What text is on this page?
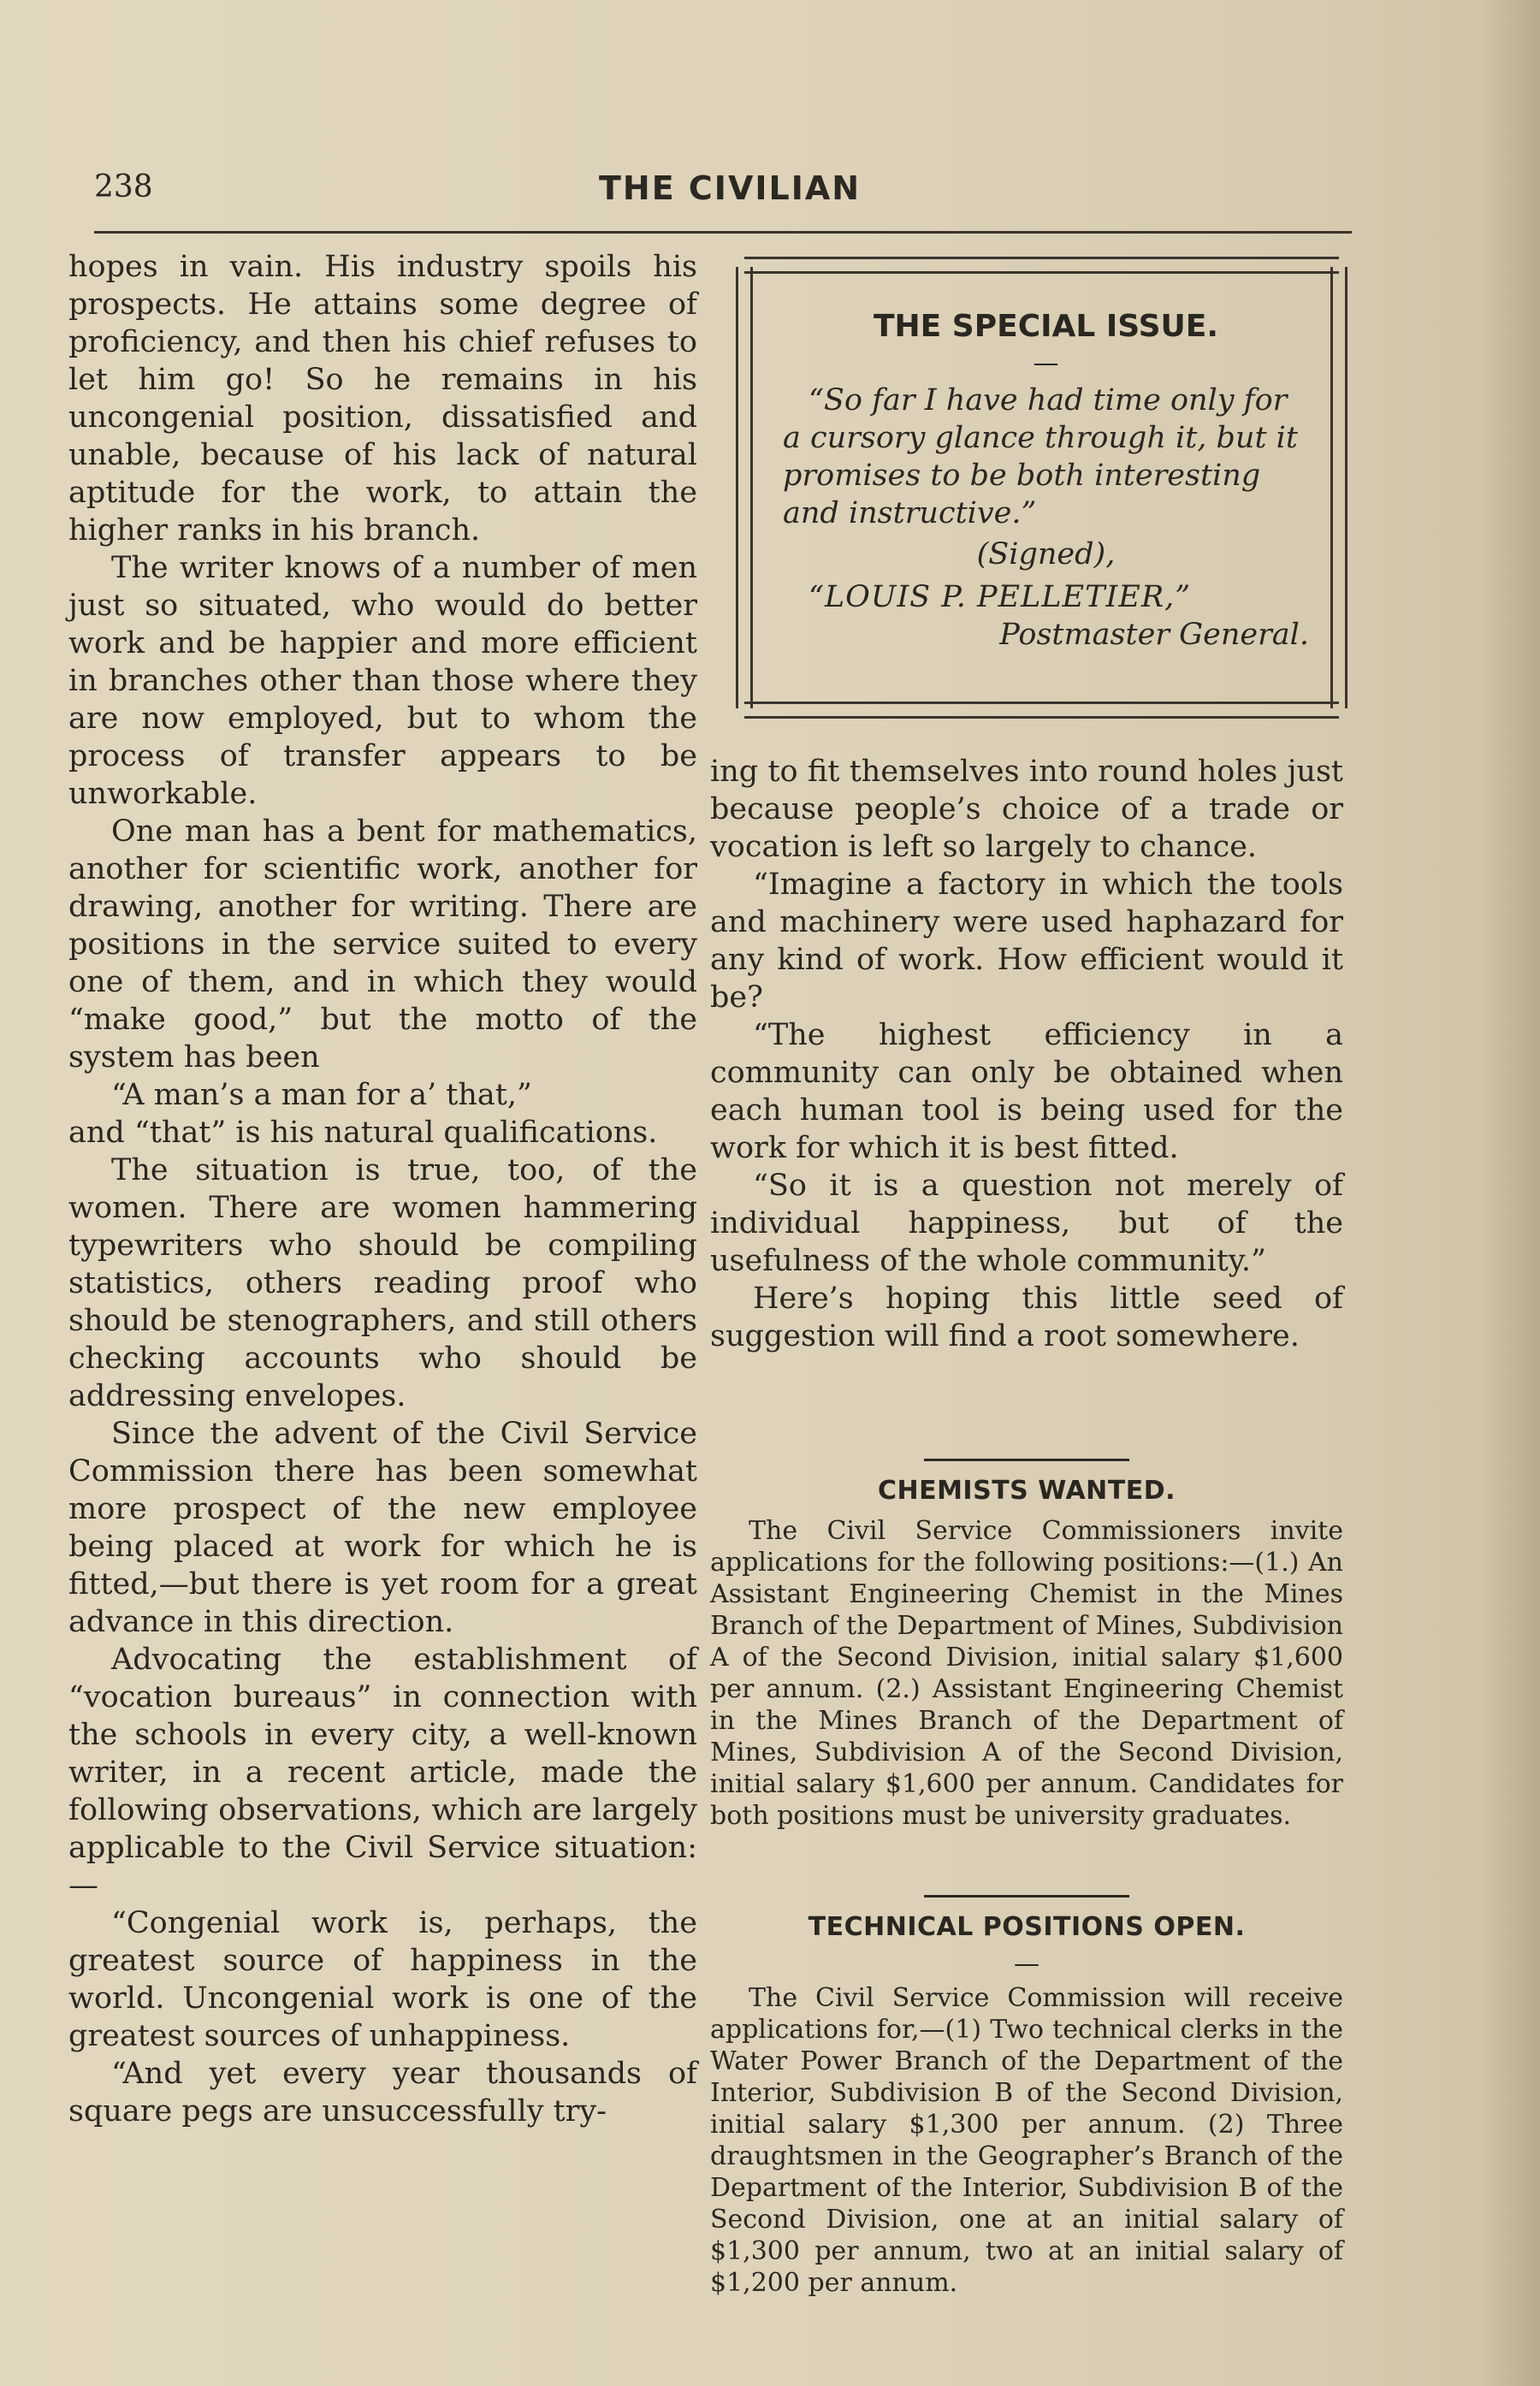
238	THE CIVILIAN

hopes in vain. His industry spoils his prospects. He attains some degree of proficiency, and then his chief refuses to let him go! So he remains in his uncongenial position, dissatisfied and unable, because of his lack of natural aptitude for the work, to attain the higher ranks in his branch.

The writer knows of a number of men just so situated, who would do better work and be happier and more efficient in branches other than those where they are now employed, but to whom the process of transfer appears to be unworkable.

One man has a bent for mathematics, another for scientific work, another for drawing, another for writing. There are positions in the service suited to every one of them, and in which they would “make good,” but the motto of the system has been

“A man’s a man for a’ that,”

and “that” is his natural qualifications.

The situation is true, too, of the women. There are women hammering typewriters who should be compiling statistics, others reading proof who should be stenographers, and still others checking accounts who should be addressing envelopes.

Since the advent of the Civil Service Commission there has been somewhat more prospect of the new employee being placed at work for which he is fitted,—but there is yet room for a great advance in this direction.

Advocating the establishment of “vocation bureaus” in connection with the schools in every city, a well-known writer, in a recent article, made the following observations, which are largely applicable to the Civil Service situation:—

“Congenial work is, perhaps, the greatest source of happiness in the world. Uncongenial work is one of the greatest sources of unhappiness.

“And yet every year thousands of square pegs are unsuccessfully try-

THE SPECIAL ISSUE.
—

“So far I have had time only for a cursory glance through it, but it promises to be both interesting and instructive.”

(Signed),

“LOUIS P. PELLETIER,”

Postmaster General.

ing to fit themselves into round holes just because people’s choice of a trade or vocation is left so largely to chance.

“Imagine a factory in which the tools and machinery were used haphazard for any kind of work. How efficient would it be?

“The highest efficiency in a community can only be obtained when each human tool is being used for the work for which it is best fitted.

“So it is a question not merely of individual happiness, but of the usefulness of the whole community.”

Here’s hoping this little seed of suggestion will find a root somewhere.

CHEMISTS WANTED.

The Civil Service Commissioners invite applications for the following positions:—(1.) An Assistant Engineering Chemist in the Mines Branch of the Department of Mines, Subdivision A of the Second Division, initial salary $1,600 per annum. (2.) Assistant Engineering Chemist in the Mines Branch of the Department of Mines, Subdivision A of the Second Division, initial salary $1,600 per annum. Candidates for both positions must be university graduates.

TECHNICAL POSITIONS OPEN.
—

The Civil Service Commission will receive applications for,—(1) Two technical clerks in the Water Power Branch of the Department of the Interior, Subdivision B of the Second Division, initial salary $1,300 per annum. (2) Three draughtsmen in the Geographer’s Branch of the Department of the Interior, Subdivision B of the Second Division, one at an initial salary of $1,300 per annum, two at an initial salary of $1,200 per annum.
